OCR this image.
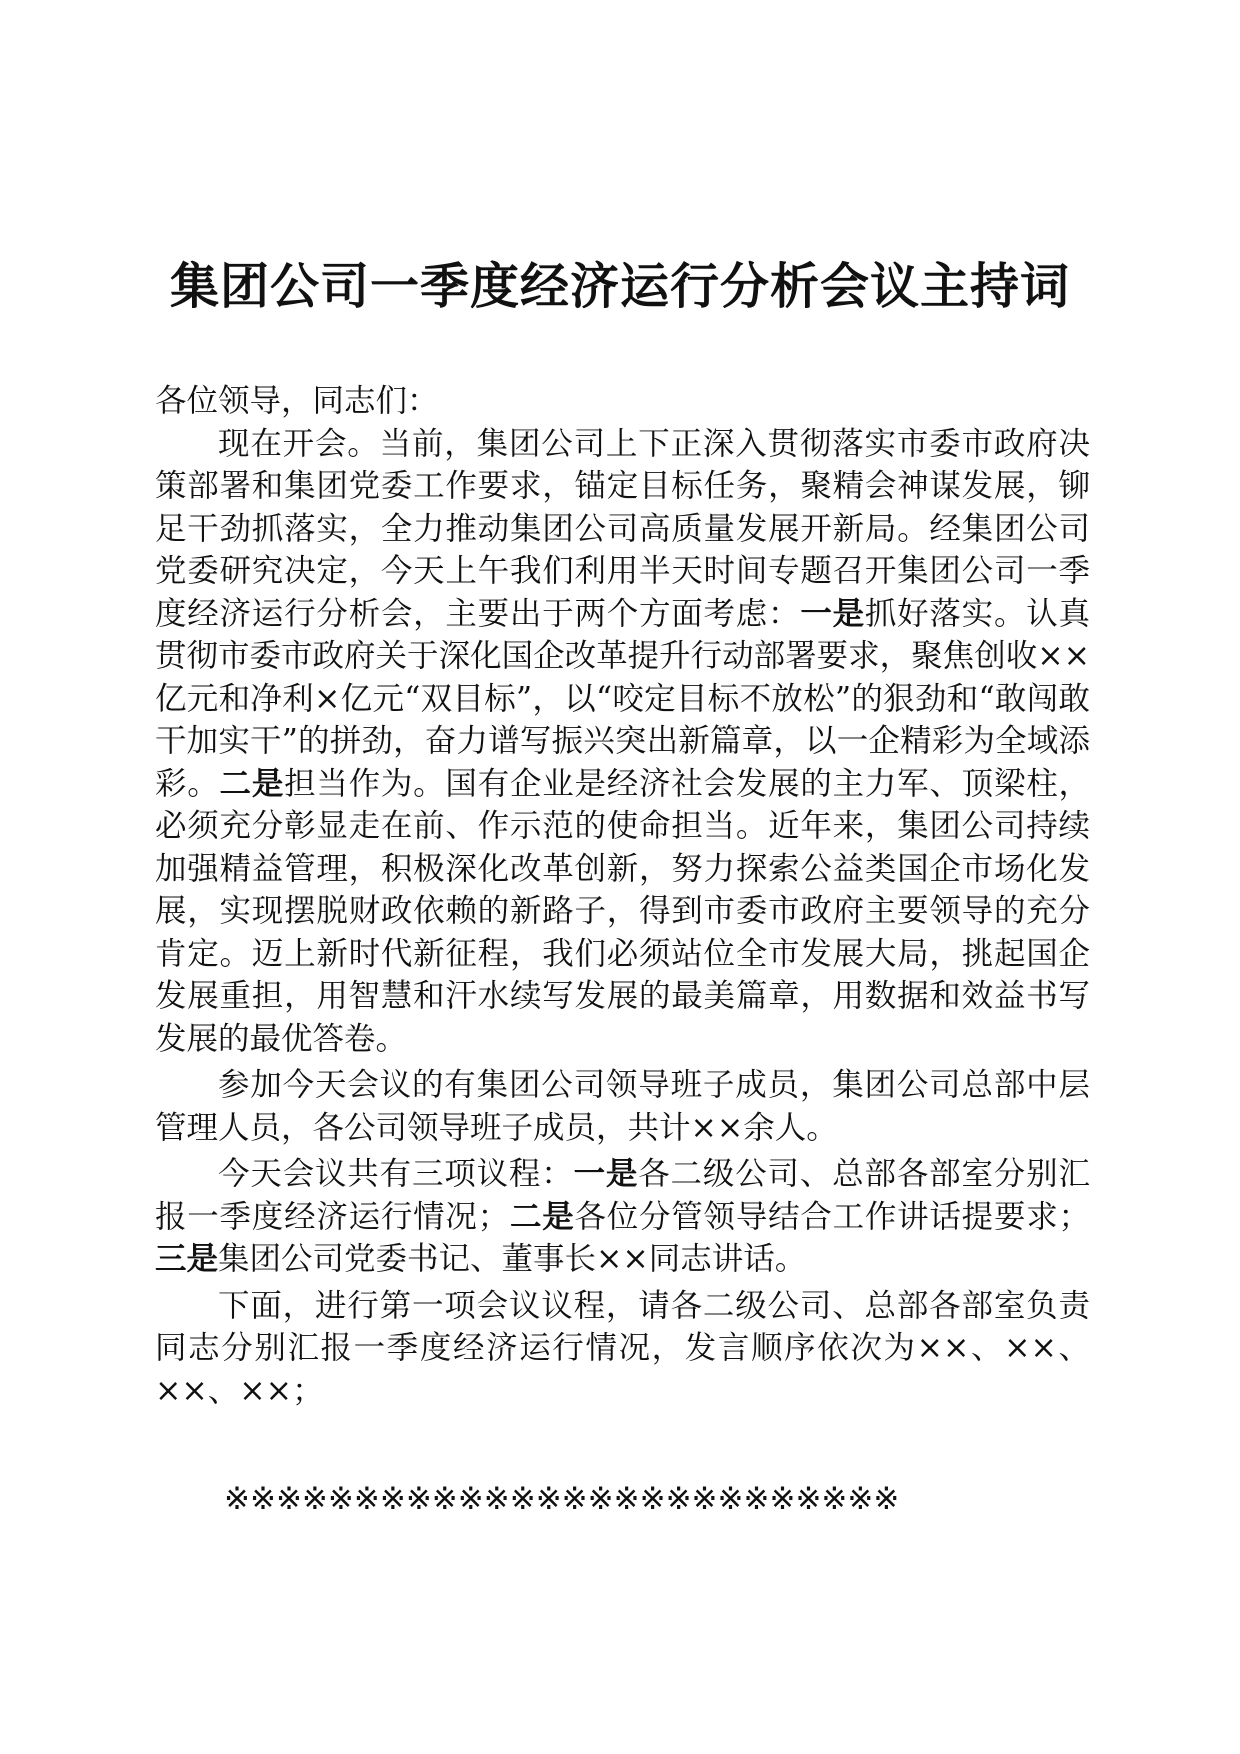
集团公司一季度经济运行分析会议主持词

各位领导，同志们：

现在开会。当前，集团公司上下正深入贯彻落实市委市政府决策部署和集团党委工作要求，锚定目标任务，聚精会神谋发展，铆足干劲抓落实，全力推动集团公司高质量发展开新局。经集团公司党委研究决定，今天上午我们利用半天时间专题召开集团公司一季度经济运行分析会，主要出于两个方面考虑：一是抓好落实。认真贯彻市委市政府关于深化国企改革提升行动部署要求，聚焦创收××亿元和净利×亿元“双目标”，以“咬定目标不放松”的狠劲和“敢闯敢干加实干”的拼劲，奋力谱写振兴突出新篇章，以一企精彩为全域添彩。二是担当作为。国有企业是经济社会发展的主力军、顶梁柱，必须充分彰显走在前、作示范的使命担当。近年来，集团公司持续加强精益管理，积极深化改革创新，努力探索公益类国企市场化发展，实现摆脱财政依赖的新路子，得到市委市政府主要领导的充分肯定。迈上新时代新征程，我们必须站位全市发展大局，挑起国企发展重担，用智慧和汗水续写发展的最美篇章，用数据和效益书写发展的最优答卷。

参加今天会议的有集团公司领导班子成员，集团公司总部中层管理人员，各公司领导班子成员，共计××余人。

今天会议共有三项议程：一是各二级公司、总部各部室分别汇报一季度经济运行情况；二是各位分管领导结合工作讲话提要求；三是集团公司党委书记、董事长××同志讲话。

下面，进行第一项会议议程，请各二级公司、总部各部室负责同志分别汇报一季度经济运行情况，发言顺序依次为××、××、××、××；

※※※※※※※※※※※※※※※※※※※※※※※※※※
